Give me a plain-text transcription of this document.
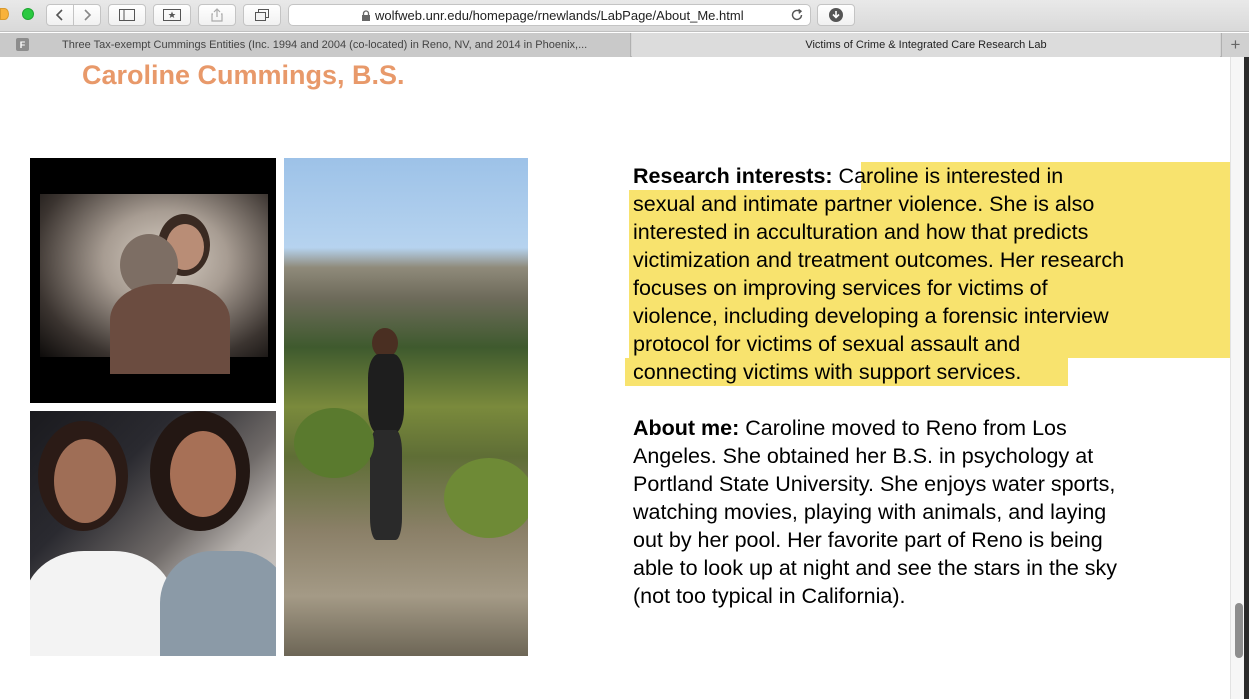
wolfweb.unr.edu/homepage/rnewlands/LabPage/About_Me.html
F	Three Tax-exempt Cummings Entities (Inc. 1994 and 2004 (co-located) in Reno, NV, and 2014 in Phoenix,...	Victims of Crime & Integrated Care Research Lab	+
Caroline Cummings, B.S.
Research interests: Caroline is interested in
sexual and intimate partner violence. She is also
interested in acculturation and how that predicts
victimization and treatment outcomes. Her research
focuses on improving services for victims of
violence, including developing a forensic interview
protocol for victims of sexual assault and
connecting victims with support services.
About me: Caroline moved to Reno from Los
Angeles. She obtained her B.S. in psychology at
Portland State University. She enjoys water sports,
watching movies, playing with animals, and laying
out by her pool. Her favorite part of Reno is being
able to look up at night and see the stars in the sky
(not too typical in California).
